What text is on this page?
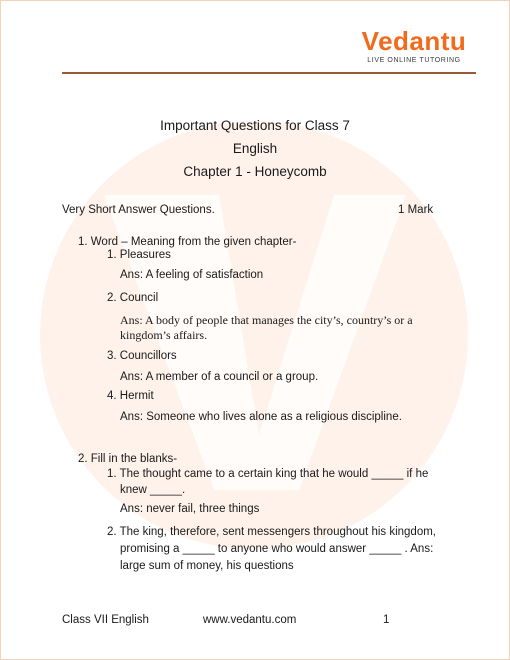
Vedantu
LIVE ONLINE TUTORING
Important Questions for Class 7
English
Chapter 1 - Honeycomb
Very Short Answer Questions.	1 Mark
1. Word – Meaning from the given chapter-
1. Pleasures
Ans: A feeling of satisfaction
2. Council
Ans: A body of people that manages the city’s, country’s or a
kingdom’s affairs.
3. Councillors
Ans: A member of a council or a group.
4. Hermit
Ans: Someone who lives alone as a religious discipline.
2. Fill in the blanks-
1. The thought came to a certain king that he would _____ if he
knew _____.
Ans: never fail, three things
2. The king, therefore, sent messengers throughout his kingdom,
promising a _____ to anyone who would answer _____ . Ans:
large sum of money, his questions
Class VII English	www.vedantu.com	1
